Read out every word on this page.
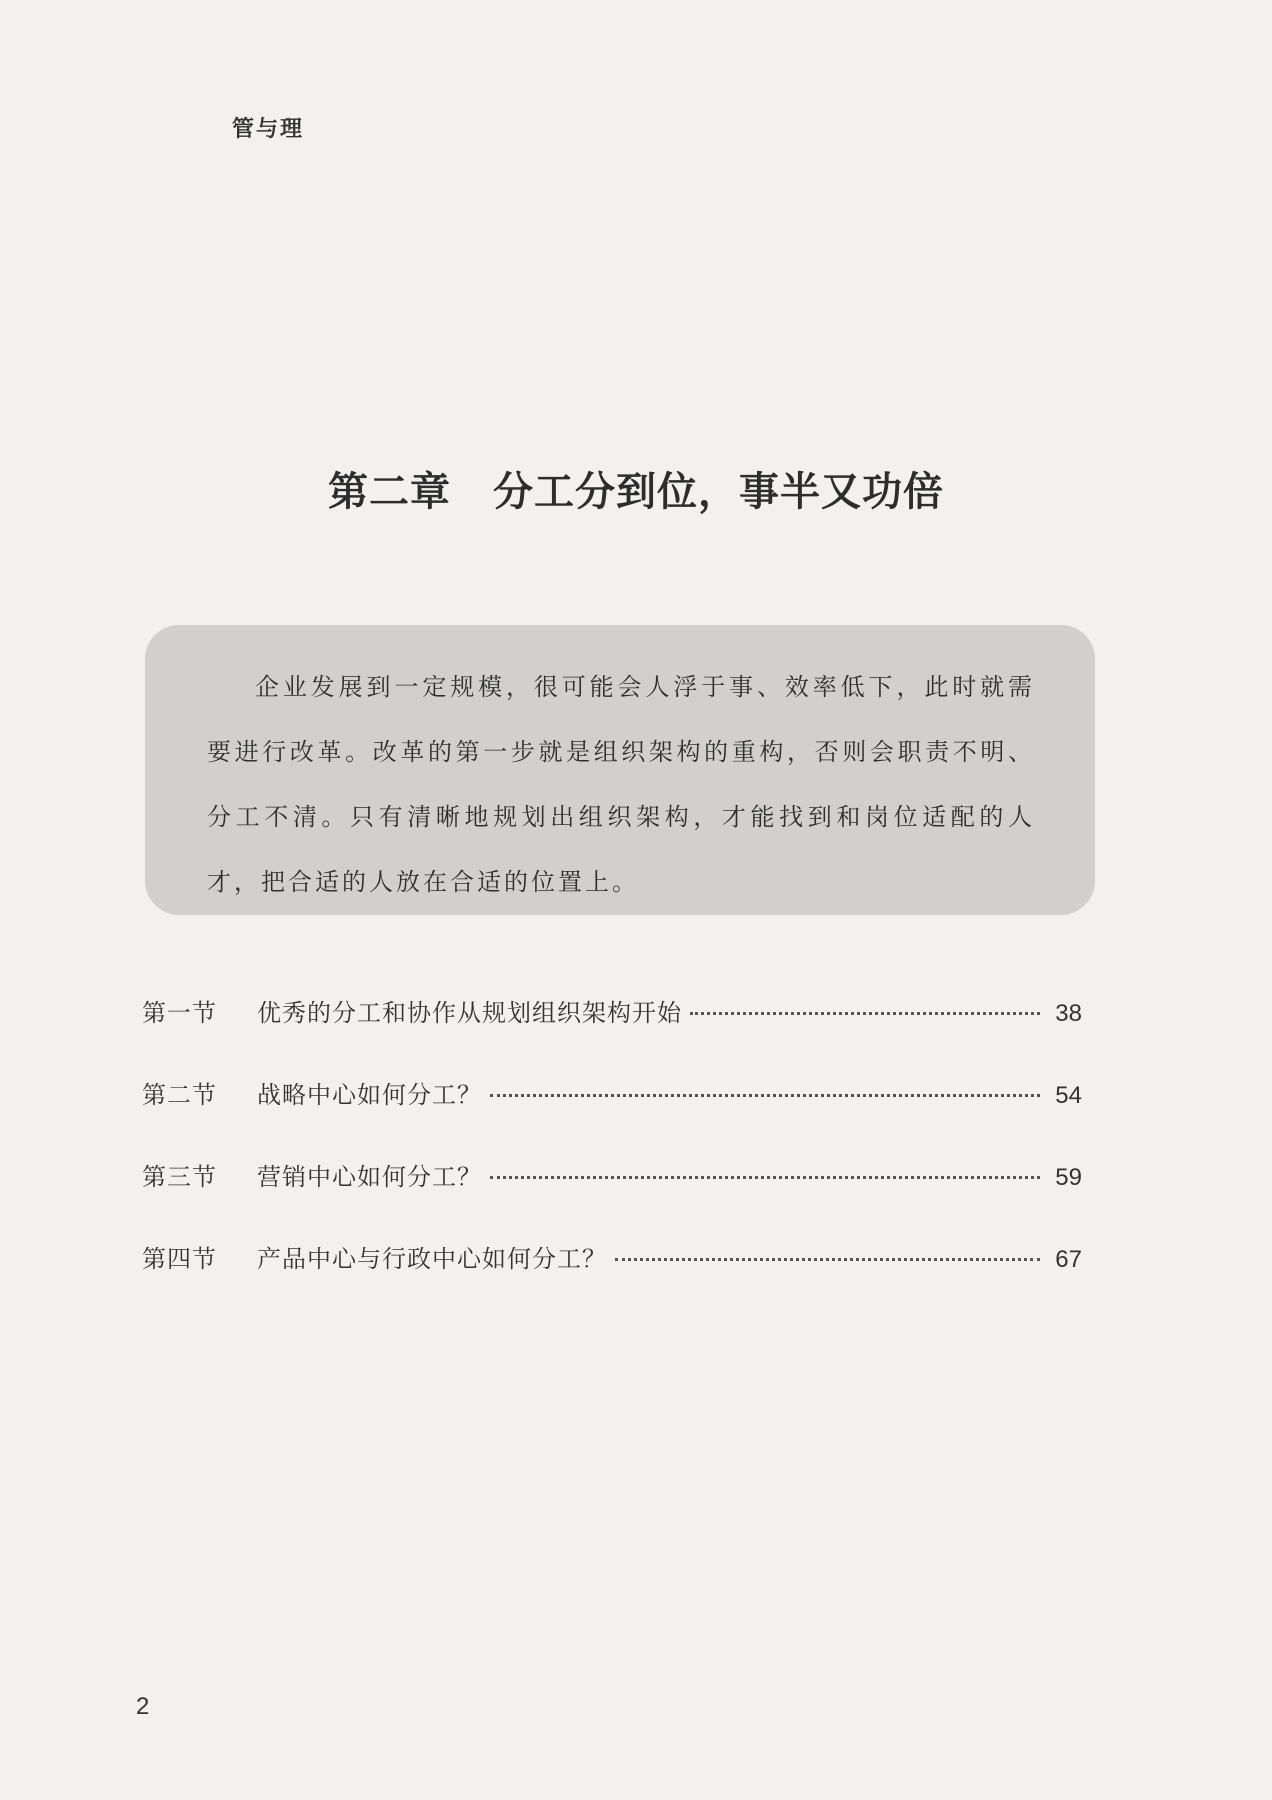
管与理
第二章 分工分到位，事半又功倍

企业发展到一定规模，很可能会人浮于事、效率低下，此时就需要进行改革。改革的第一步就是组织架构的重构，否则会职责不明、分工不清。只有清晰地规划出组织架构，才能找到和岗位适配的人才，把合适的人放在合适的位置上。

第一节	优秀的分工和协作从规划组织架构开始	38
第二节	战略中心如何分工？	54
第三节	营销中心如何分工？	59
第四节	产品中心与行政中心如何分工？	67
2
